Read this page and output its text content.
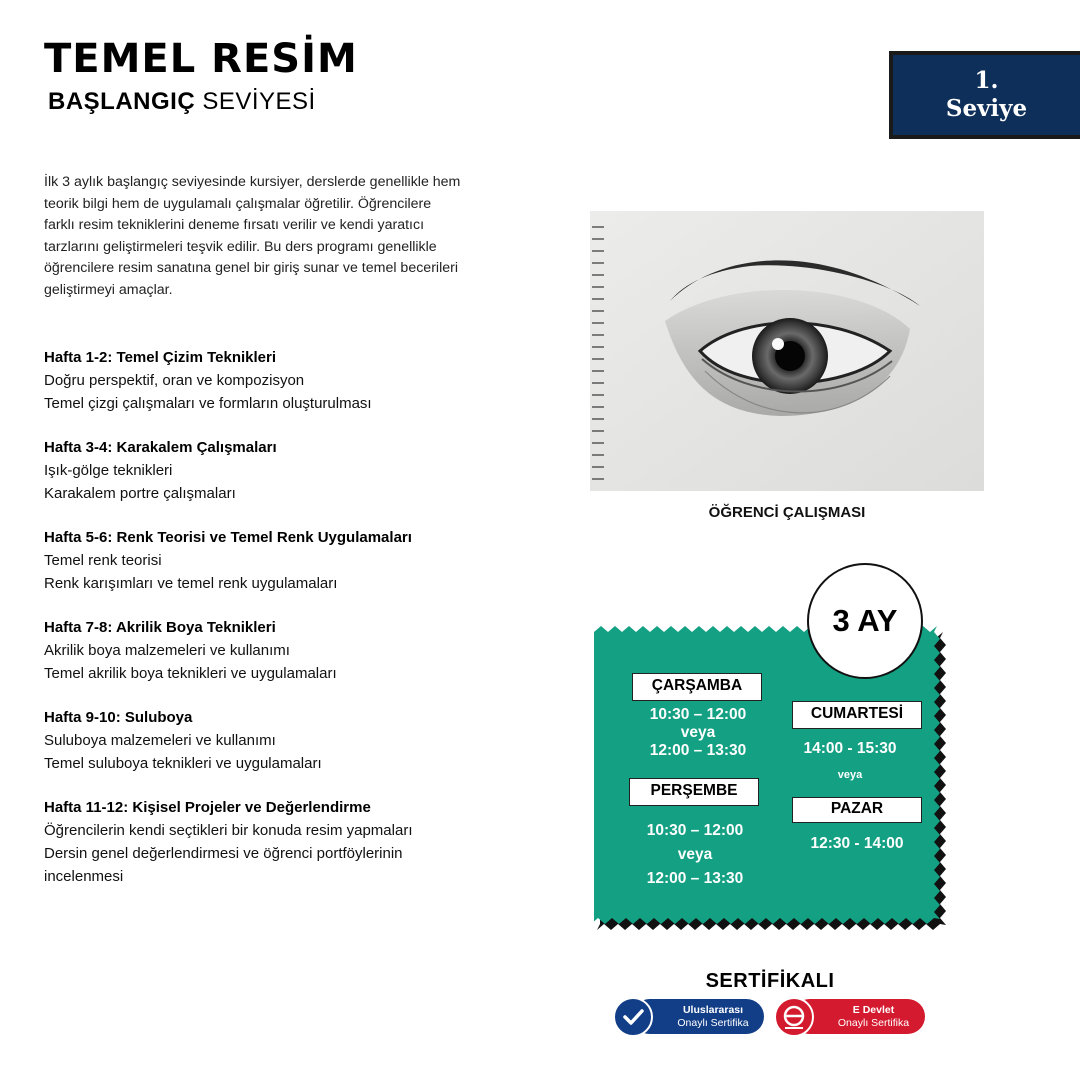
TEMEL RESİM
BAŞLANGIÇ SEVİYESİ
1.
Seviye

İlk 3 aylık başlangıç seviyesinde kursiyer, derslerde genellikle hem teorik bilgi hem de uygulamalı çalışmalar öğretilir. Öğrencilere farklı resim tekniklerini deneme fırsatı verilir ve kendi yaratıcı tarzlarını geliştirmeleri teşvik edilir. Bu ders programı genellikle öğrencilere resim sanatına genel bir giriş sunar ve temel becerileri geliştirmeyi amaçlar.

Hafta 1-2: Temel Çizim Teknikleri

Doğru perspektif, oran ve kompozisyon

Temel çizgi çalışmaları ve formların oluşturulması

Hafta 3-4: Karakalem Çalışmaları

Işık-gölge teknikleri

Karakalem portre çalışmaları

Hafta 5-6: Renk Teorisi ve Temel Renk Uygulamaları

Temel renk teorisi

Renk karışımları ve temel renk uygulamaları

Hafta 7-8: Akrilik Boya Teknikleri

Akrilik boya malzemeleri ve kullanımı

Temel akrilik boya teknikleri ve uygulamaları

Hafta 9-10: Suluboya

Suluboya malzemeleri ve kullanımı

Temel suluboya teknikleri ve uygulamaları

Hafta 11-12: Kişisel Projeler ve Değerlendirme

Öğrencilerin kendi seçtikleri bir konuda resim yapmaları

Dersin genel değerlendirmesi ve öğrenci portföylerinin incelenmesi

ÖĞRENCİ ÇALIŞMASI
3 AY
ÇARŞAMBA
10:30 – 12:00
veya
12:00 – 13:30
PERŞEMBE
10:30 – 12:00
veya
12:00 – 13:30
CUMARTESİ
14:00 - 15:30
veya
PAZAR
12:30 - 14:00
SERTİFİKALI
Uluslararası
Onaylı Sertifika
E Devlet
Onaylı Sertifika
